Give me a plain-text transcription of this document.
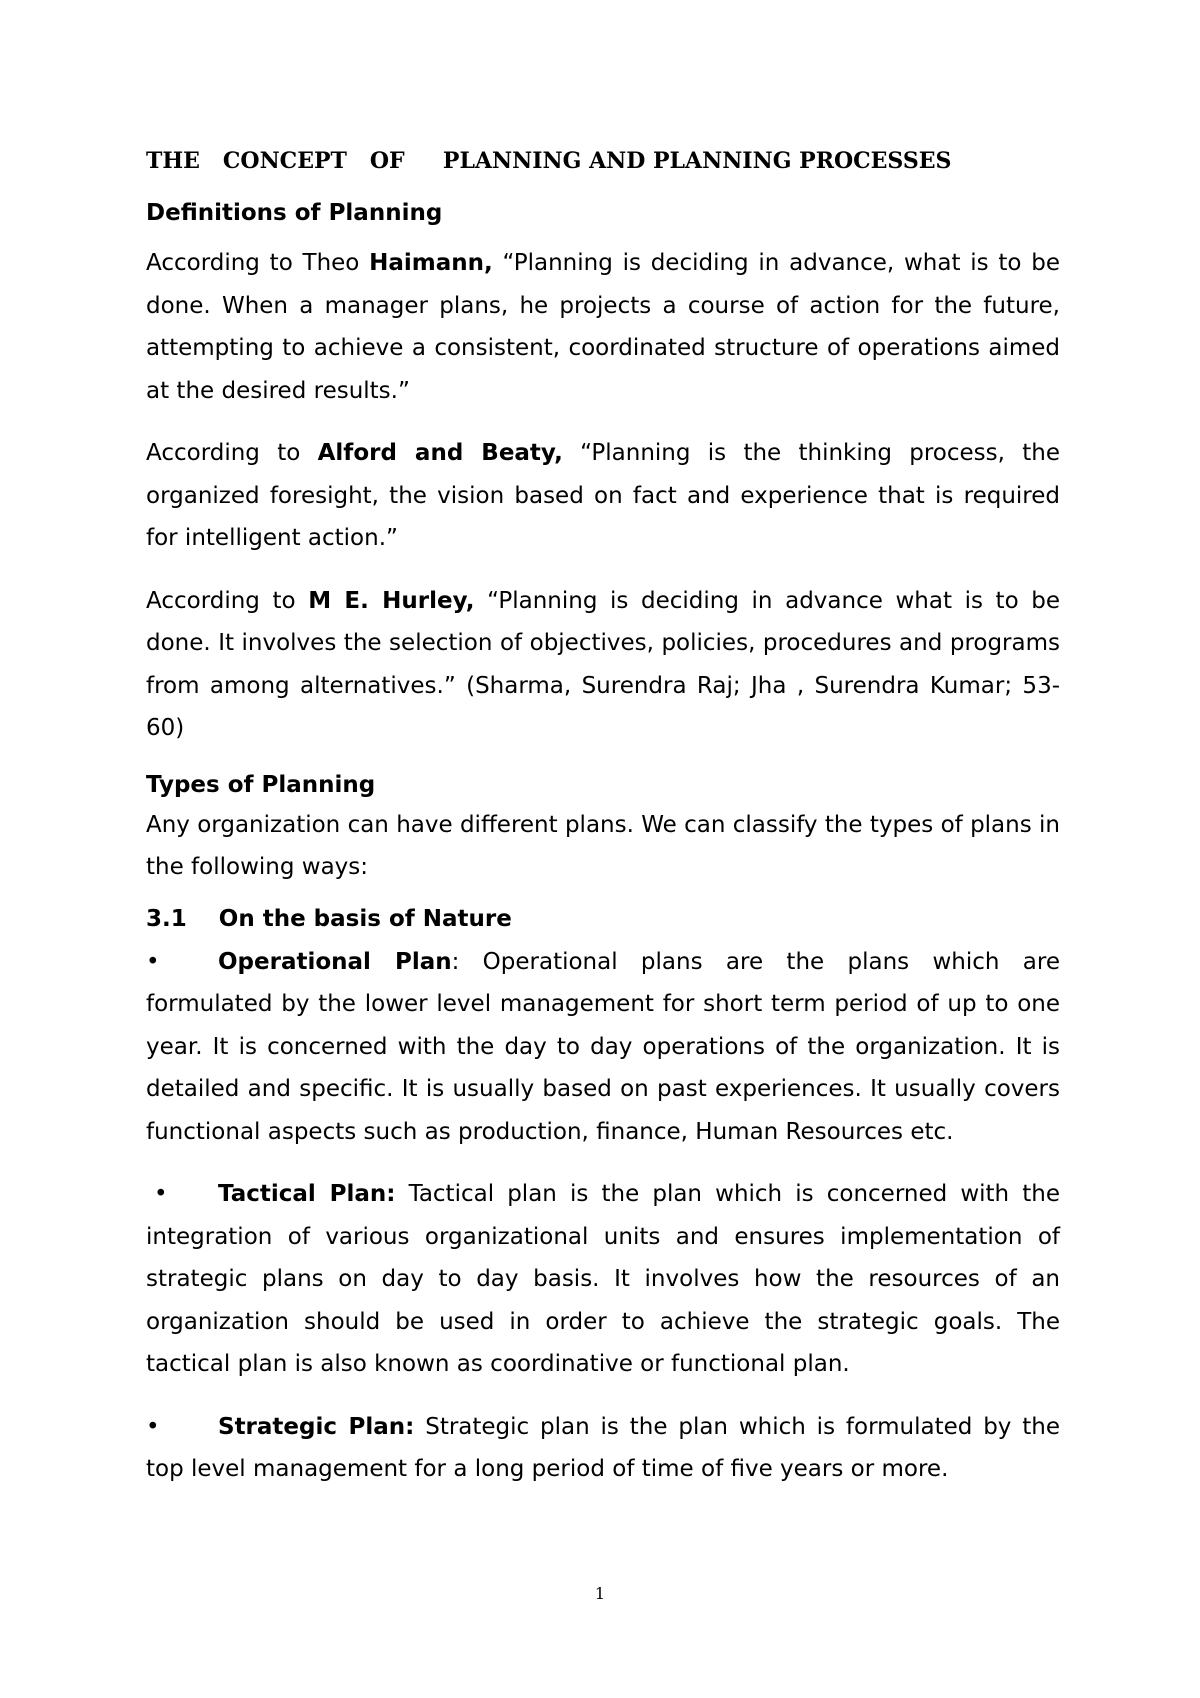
THE   CONCEPT   OF     PLANNING AND PLANNING PROCESSES
Definitions of Planning

According to Theo Haimann, “Planning is deciding in advance, what is to be done. When a manager plans, he projects a course of action for the future, attempting to achieve a consistent, coordinated structure of operations aimed at the desired results.”

According to Alford and Beaty, “Planning is the thinking process, the organized foresight, the vision based on fact and experience that is required for intelligent action.”

According to M E. Hurley, “Planning is deciding in advance what is to be done. It involves the selection of objectives, policies, procedures and programs from among alternatives.” (Sharma, Surendra Raj; Jha , Surendra Kumar; 53-60)

Types of Planning

Any organization can have different plans. We can classify the types of plans in the following ways:

3.1    On the basis of Nature
•	Operational Plan: Operational plans are the plans which are formulated by the lower level management for short term period of up to one year. It is concerned with the day to day operations of the organization. It is detailed and specific. It is usually based on past experiences. It usually covers functional aspects such as production, finance, Human Resources etc.
• Tactical Plan: Tactical plan is the plan which is concerned with the integration of various organizational units and ensures implementation of strategic plans on day to day basis. It involves how the resources of an organization should be used in order to achieve the strategic goals. The tactical plan is also known as coordinative or functional plan.
•	Strategic Plan: Strategic plan is the plan which is formulated by the top level management for a long period of time of five years or more.
1
